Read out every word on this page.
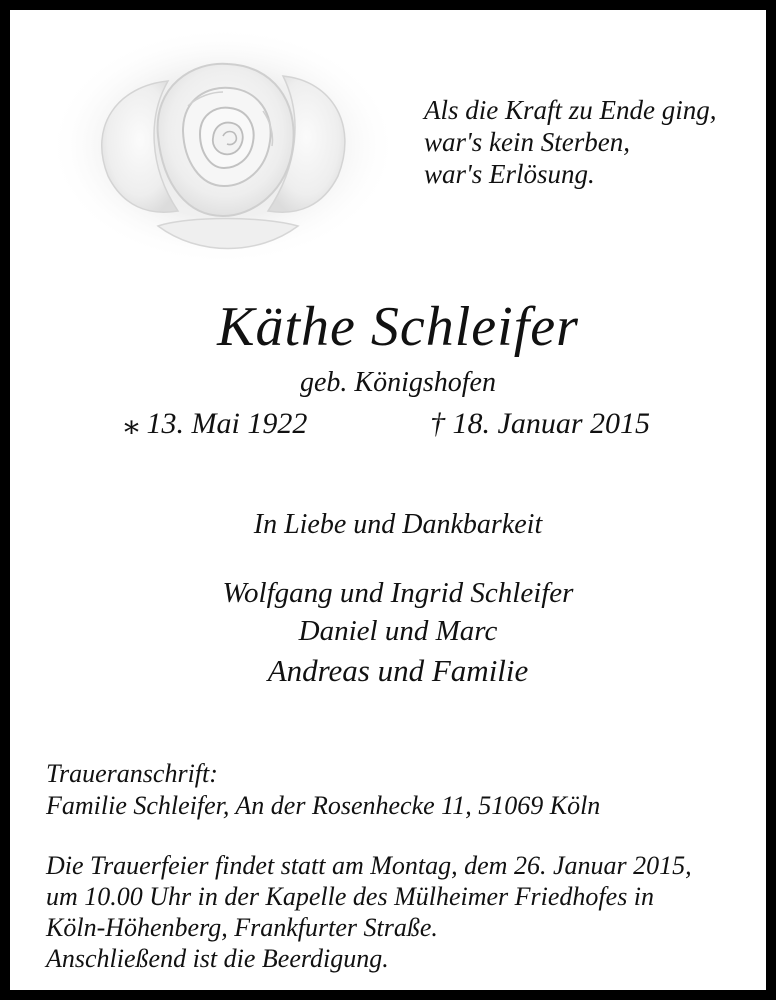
Als die Kraft zu Ende ging,
war's kein Sterben,
war's Erlösung.
Käthe Schleifer
geb. Königshofen
⁎ 13. Mai 1922	† 18. Januar 2015
In Liebe und Dankbarkeit
Wolfgang und Ingrid Schleifer
Daniel und Marc
Andreas und Familie
Traueranschrift:
Familie Schleifer, An der Rosenhecke 11, 51069 Köln
Die Trauerfeier findet statt am Montag, dem 26. Januar 2015,
um 10.00 Uhr in der Kapelle des Mülheimer Friedhofes in
Köln-Höhenberg, Frankfurter Straße.
Anschließend ist die Beerdigung.
